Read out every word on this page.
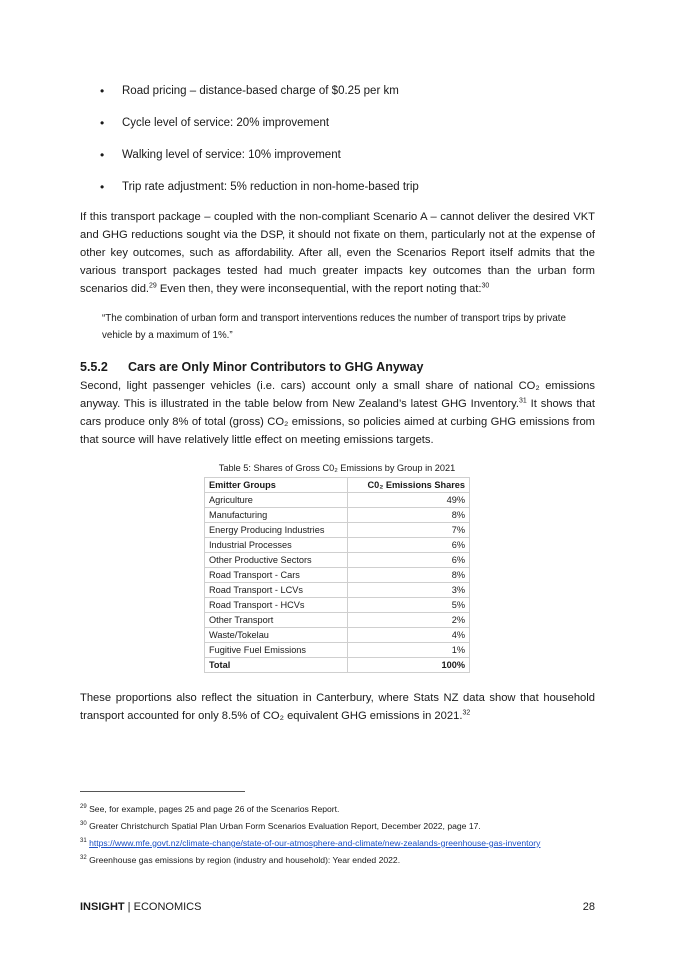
• Road pricing – distance-based charge of $0.25 per km
• Cycle level of service: 20% improvement
• Walking level of service: 10% improvement
• Trip rate adjustment: 5% reduction in non-home-based trip

If this transport package – coupled with the non-compliant Scenario A – cannot deliver the desired VKT and GHG reductions sought via the DSP, it should not fixate on them, particularly not at the expense of other key outcomes, such as affordability. After all, even the Scenarios Report itself admits that the various transport packages tested had much greater impacts key outcomes than the urban form scenarios did.$^{29}$ Even then, they were inconsequential, with the report noting that:$^{30}$

“The combination of urban form and transport interventions reduces the number of transport trips by private vehicle by a maximum of 1%.”

5.5.2 Cars are Only Minor Contributors to GHG Anyway

Second, light passenger vehicles (i.e. cars) account only a small share of national CO₂ emissions anyway. This is illustrated in the table below from New Zealand’s latest GHG Inventory.$^{31}$ It shows that cars produce only 8% of total (gross) CO₂ emissions, so policies aimed at curbing GHG emissions from that source will have relatively little effect on meeting emissions targets.

Table 5: Shares of Gross C0₂ Emissions by Group in 2021

Emitter Groups	C0₂ Emissions Shares
Agriculture	49%
Manufacturing	8%
Energy Producing Industries	7%
Industrial Processes	6%
Other Productive Sectors	6%
Road Transport - Cars	8%
Road Transport - LCVs	3%
Road Transport - HCVs	5%
Other Transport	2%
Waste/Tokelau	4%
Fugitive Fuel Emissions	1%
Total	100%

These proportions also reflect the situation in Canterbury, where Stats NZ data show that household transport accounted for only 8.5% of CO₂ equivalent GHG emissions in 2021.32

$^{29}$ See, for example, pages 25 and page 26 of the Scenarios Report.

$^{30}$ Greater Christchurch Spatial Plan Urban Form Scenarios Evaluation Report, December 2022, page 17.

$^{31}$ https://www.mfe.govt.nz/climate-change/state-of-our-atmosphere-and-climate/new-zealands-greenhouse-gas-inventory

$^{32}$ Greenhouse gas emissions by region (industry and household): Year ended 2022.

INSIGHT | ECONOMICS	28
